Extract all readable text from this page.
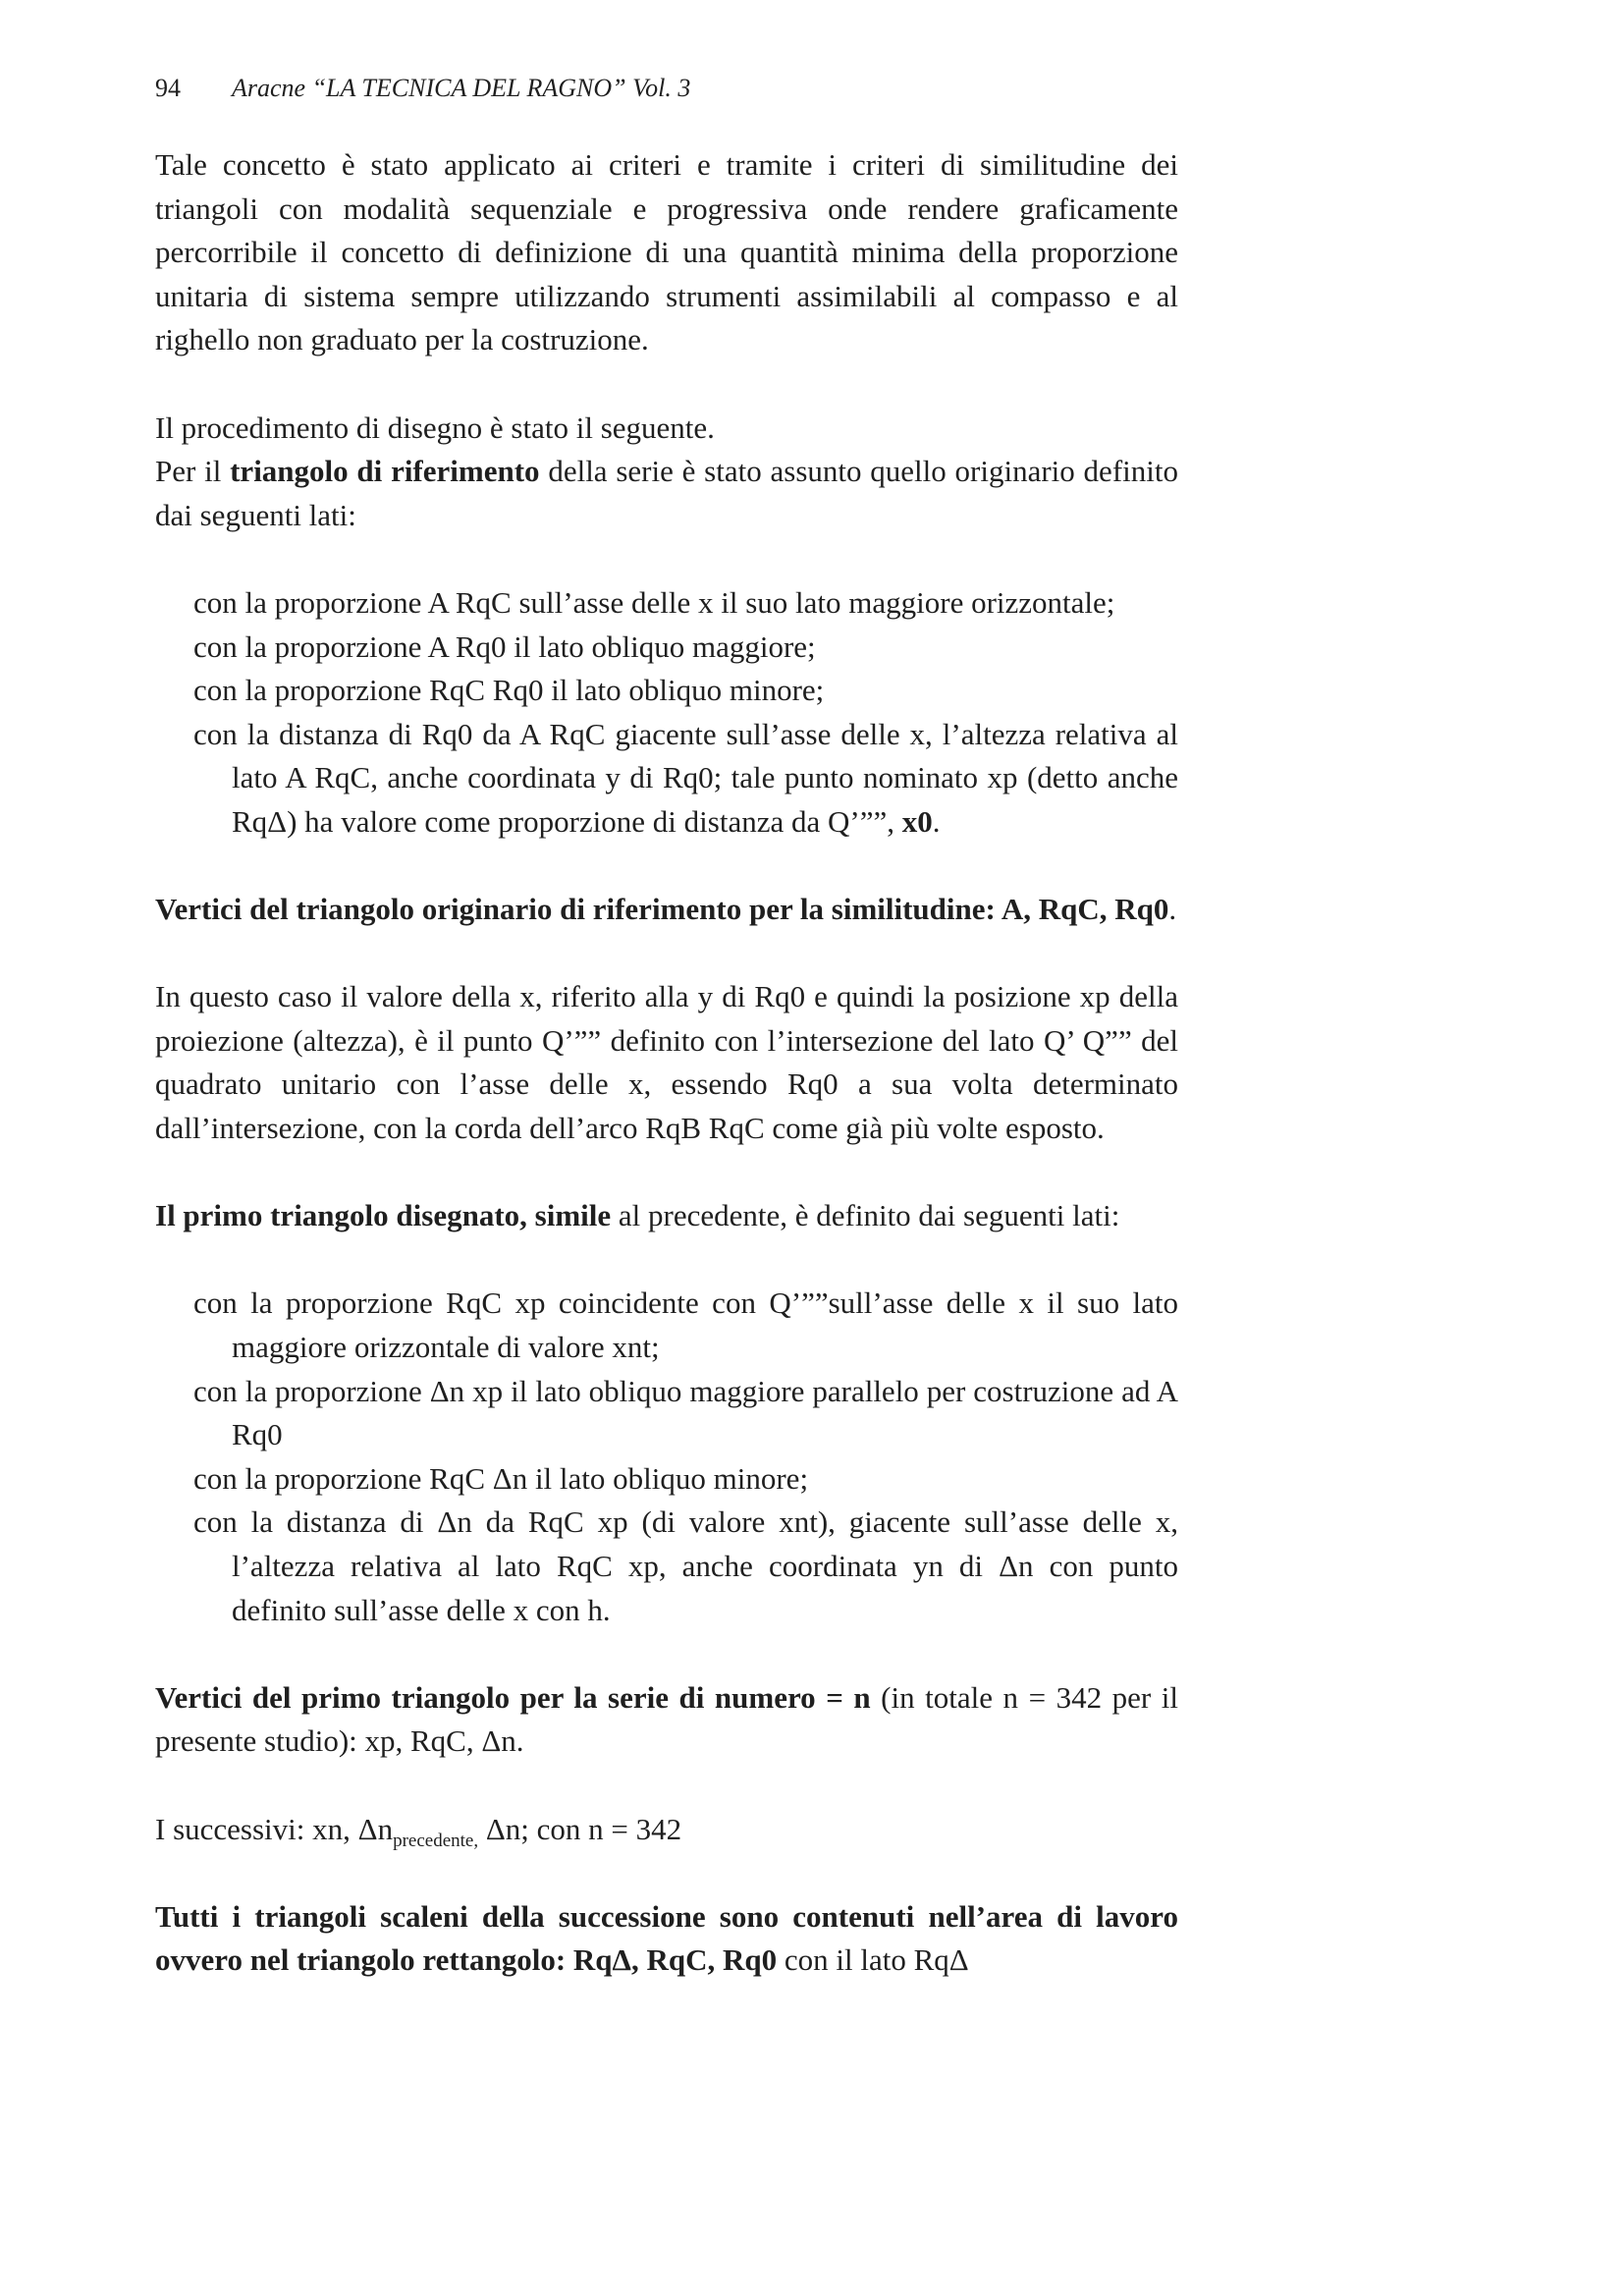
94 Aracne “LA TECNICA DEL RAGNO” Vol. 3

Tale concetto è stato applicato ai criteri e tramite i criteri di similitudine dei triangoli con modalità sequenziale e progressiva onde rendere graficamente percorribile il concetto di definizione di una quantità minima della proporzione unitaria di sistema sempre utilizzando strumenti assimilabili al compasso e al righello non graduato per la costruzione.

Il procedimento di disegno è stato il seguente.

Per il triangolo di riferimento della serie è stato assunto quello originario definito dai seguenti lati:

con la proporzione A RqC sull’asse delle x il suo lato maggiore orizzontale;
con la proporzione A Rq0 il lato obliquo maggiore;
con la proporzione RqC Rq0 il lato obliquo minore;
con la distanza di Rq0 da A RqC giacente sull’asse delle x, l’altezza relativa al lato A RqC, anche coordinata y di Rq0; tale punto nominato xp (detto anche RqΔ) ha valore come proporzione di distanza da Q’””, x0.

Vertici del triangolo originario di riferimento per la similitudine: A, RqC, Rq0.

In questo caso il valore della x, riferito alla y di Rq0 e quindi la posizione xp della proiezione (altezza), è il punto Q’”” definito con l’intersezione del lato Q’ Q”” del quadrato unitario con l’asse delle x, essendo Rq0 a sua volta determinato dall’intersezione, con la corda dell’arco RqB RqC come già più volte esposto.

Il primo triangolo disegnato, simile al precedente, è definito dai seguenti lati:

con la proporzione RqC xp coincidente con Q’””sull’asse delle x il suo lato maggiore orizzontale di valore xnt;
con la proporzione Δn xp il lato obliquo maggiore parallelo per costruzione ad A Rq0
con la proporzione RqC Δn il lato obliquo minore;
con la distanza di Δn da RqC xp (di valore xnt), giacente sull’asse delle x, l’altezza relativa al lato RqC xp, anche coordinata yn di Δn con punto definito sull’asse delle x con h.

Vertici del primo triangolo per la serie di numero = n (in totale n = 342 per il presente studio): xp, RqC, Δn.

I successivi: xn, $\Delta n_{precedente,}$ Δn; con n = 342

Tutti i triangoli scaleni della successione sono contenuti nell’area di lavoro ovvero nel triangolo rettangolo: RqΔ, RqC, Rq0 con il lato RqΔ
